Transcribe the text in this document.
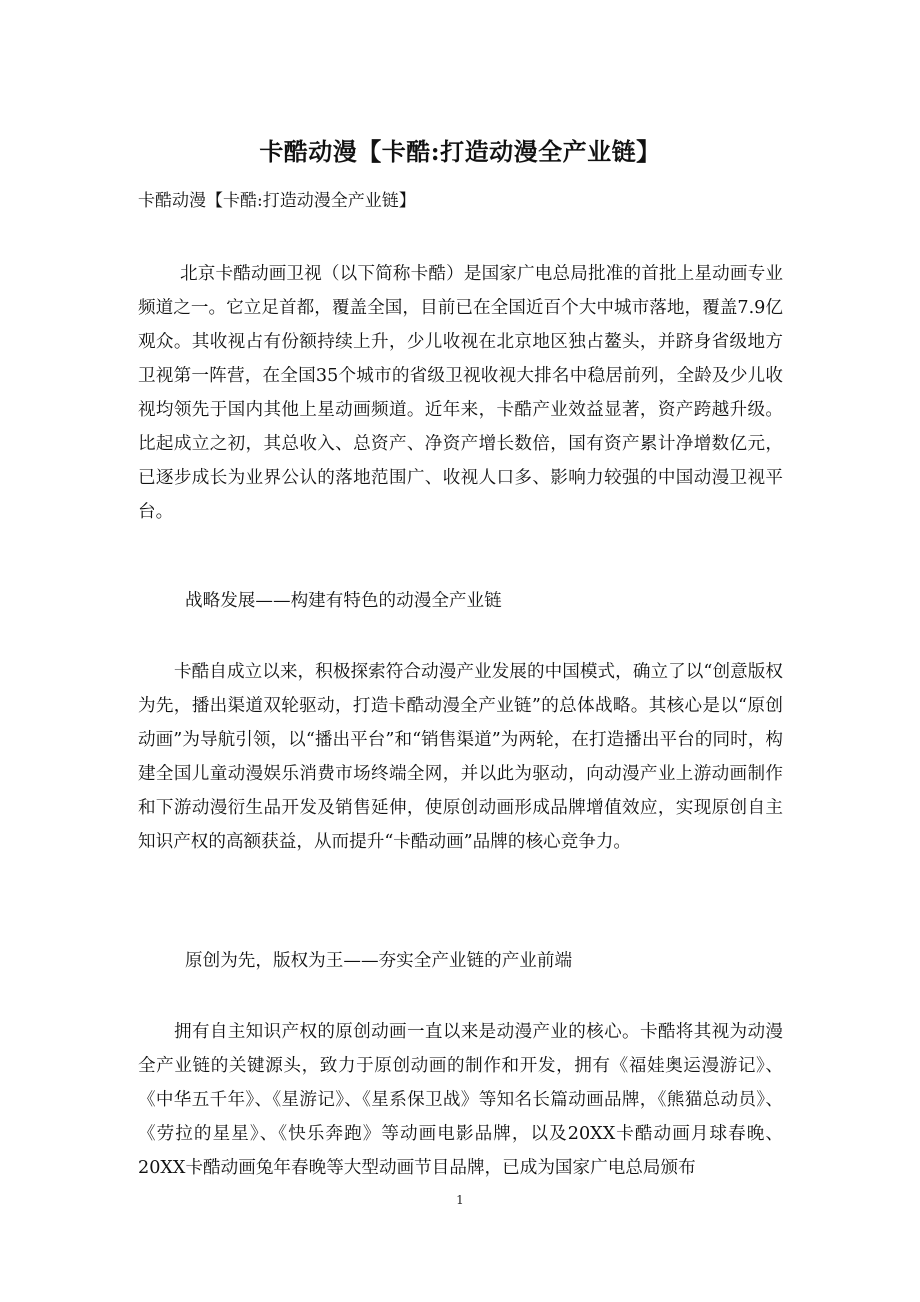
卡酷动漫【卡酷:打造动漫全产业链】
卡酷动漫【卡酷:打造动漫全产业链】

北京卡酷动画卫视（以下简称卡酷）是国家广电总局批准的首批上星动画专业频道之一。它立足首都，覆盖全国，目前已在全国近百个大中城市落地，覆盖7.9亿观众。其收视占有份额持续上升，少儿收视在北京地区独占鳌头，并跻身省级地方卫视第一阵营，在全国35个城市的省级卫视收视大排名中稳居前列，全龄及少儿收视均领先于国内其他上星动画频道。近年来，卡酷产业效益显著，资产跨越升级。比起成立之初，其总收入、总资产、净资产增长数倍，国有资产累计净增数亿元，已逐步成长为业界公认的落地范围广、收视人口多、影响力较强的中国动漫卫视平台。

战略发展——构建有特色的动漫全产业链

卡酷自成立以来，积极探索符合动漫产业发展的中国模式，确立了以“创意版权为先，播出渠道双轮驱动，打造卡酷动漫全产业链”的总体战略。其核心是以“原创动画”为导航引领，以“播出平台”和“销售渠道”为两轮，在打造播出平台的同时，构建全国儿童动漫娱乐消费市场终端全网，并以此为驱动，向动漫产业上游动画制作和下游动漫衍生品开发及销售延伸，使原创动画形成品牌增值效应，实现原创自主知识产权的高额获益，从而提升“卡酷动画”品牌的核心竞争力。

原创为先，版权为王——夯实全产业链的产业前端

拥有自主知识产权的原创动画一直以来是动漫产业的核心。卡酷将其视为动漫全产业链的关键源头，致力于原创动画的制作和开发，拥有《福娃奥运漫游记》、《中华五千年》、《星游记》、《星系保卫战》等知名长篇动画品牌，《熊猫总动员》、《劳拉的星星》、《快乐奔跑》等动画电影品牌，以及20XX卡酷动画月球春晚、20XX卡酷动画兔年春晚等大型动画节目品牌，已成为国家广电总局颁布

1
